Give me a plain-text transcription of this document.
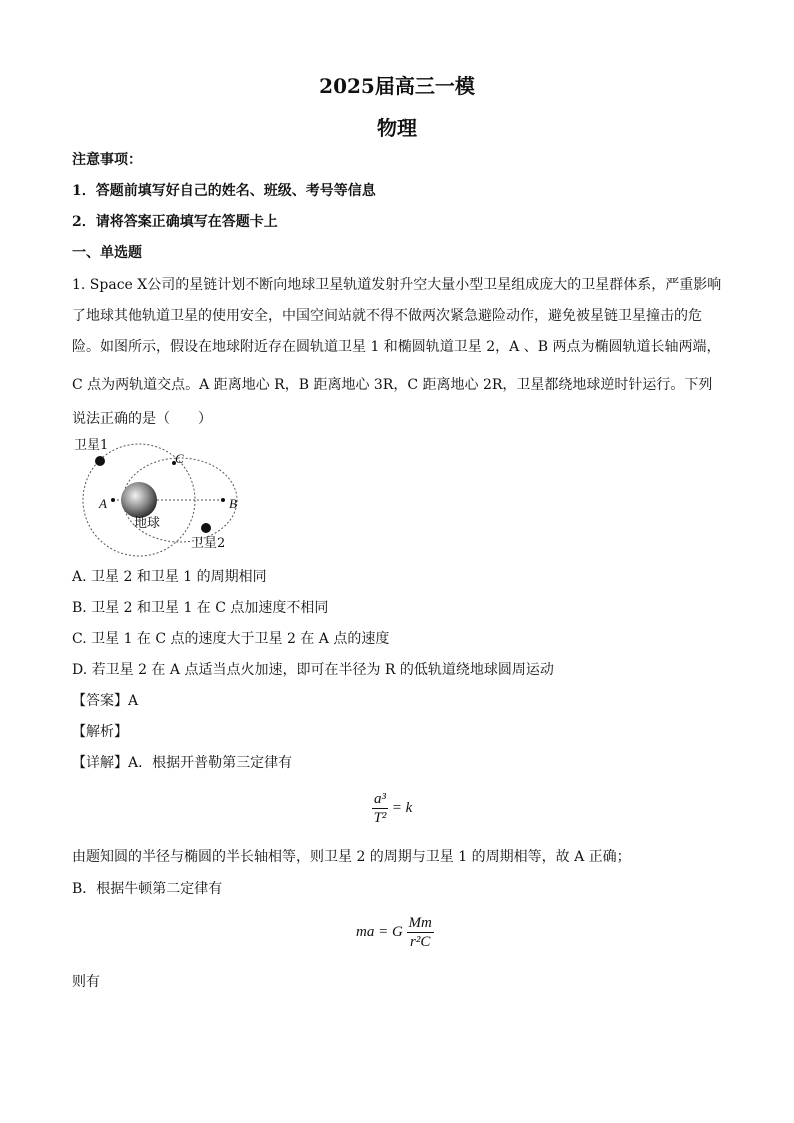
2025届高三一模
物理
注意事项：
1．答题前填写好自己的姓名、班级、考号等信息
2．请将答案正确填写在答题卡上
一、单选题
1. Space X公司的星链计划不断向地球卫星轨道发射升空大量小型卫星组成庞大的卫星群体系，严重影响
了地球其他轨道卫星的使用安全，中国空间站就不得不做两次紧急避险动作，避免被星链卫星撞击的危
险。如图所示，假设在地球附近存在圆轨道卫星 1 和椭圆轨道卫星 2，A 、B 两点为椭圆轨道长轴两端，
C 点为两轨道交点。A 距离地心 R，B 距离地心 3R，C 距离地心 2R，卫星都绕地球逆时针运行。下列
说法正确的是（　　）
卫星1
C
A	B
地球
卫星2
A. 卫星 2 和卫星 1 的周期相同
B. 卫星 2 和卫星 1 在 C 点加速度不相同
C. 卫星 1 在 C 点的速度大于卫星 2 在 A 点的速度
D. 若卫星 2 在 A 点适当点火加速，即可在半径为 R 的低轨道绕地球圆周运动
【答案】A
【解析】
【详解】A．根据开普勒第三定律有
$\frac{\text{a³}}{\text{T²}} = k$
由题知圆的半径与椭圆的半长轴相等，则卫星 2 的周期与卫星 1 的周期相等，故 A 正确；
B．根据牛顿第二定律有
ma = G $\frac{Mm}{\text{r²C}}$
则有
